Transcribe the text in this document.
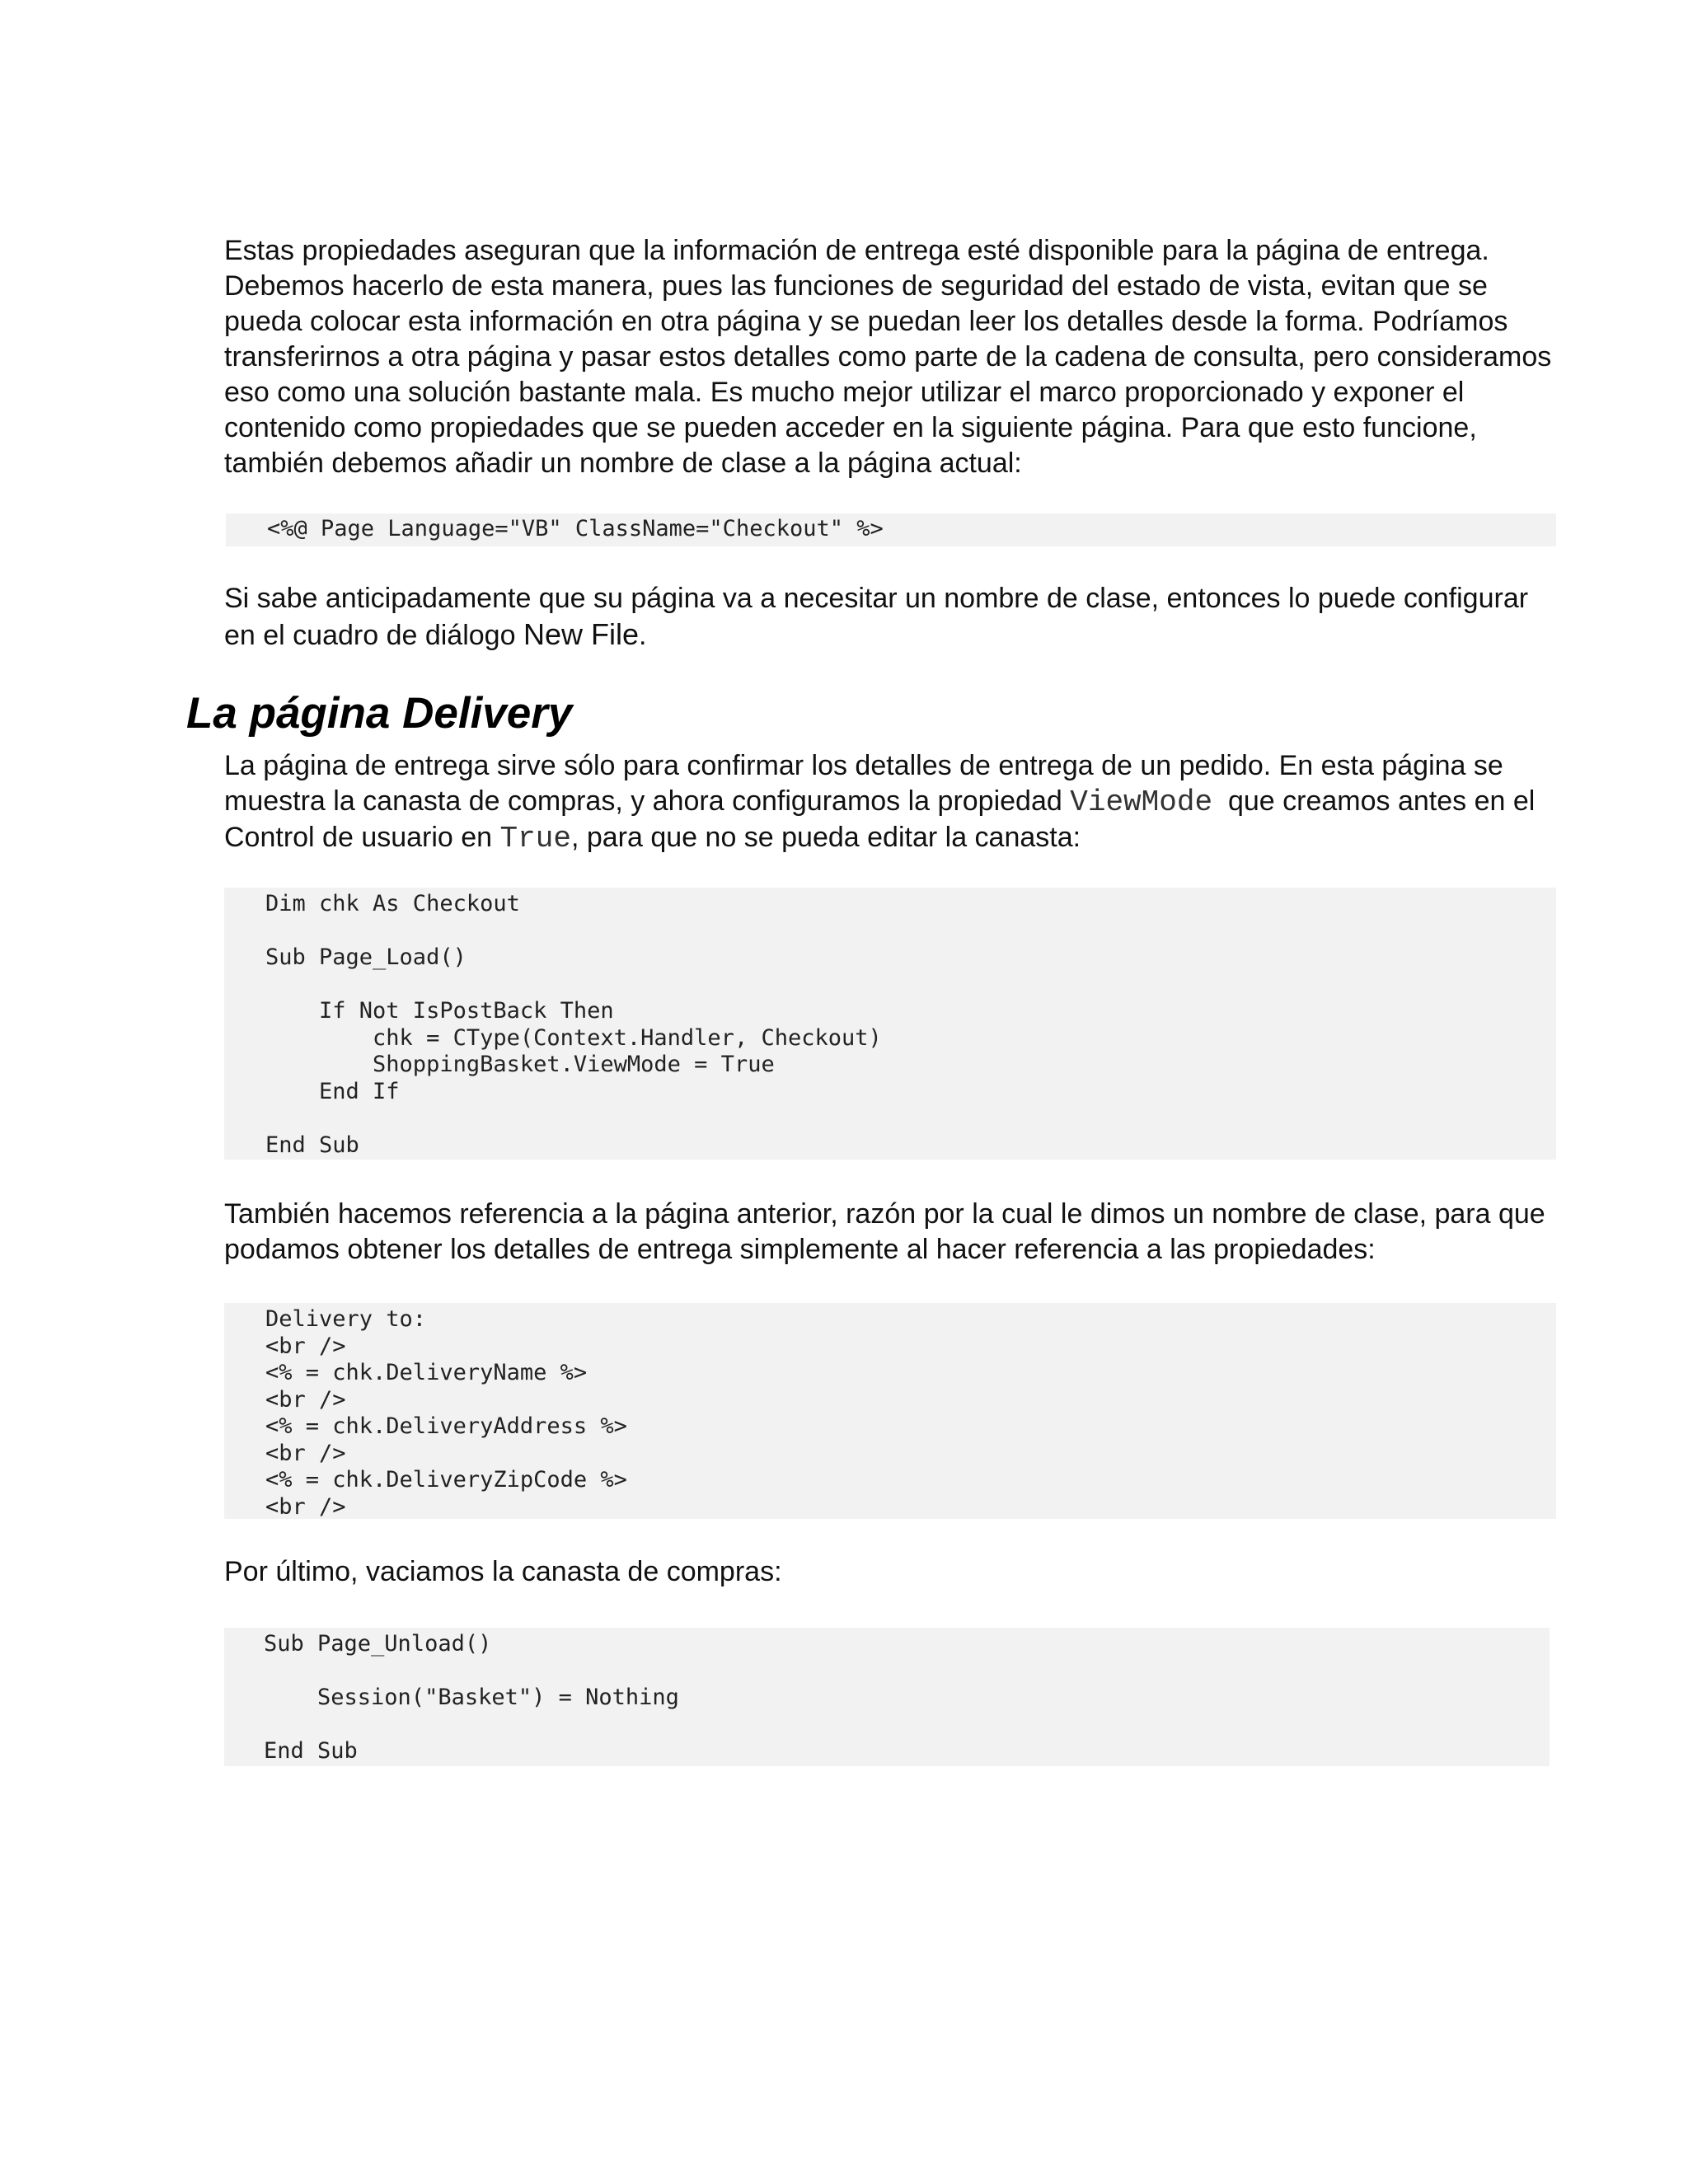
Estas propiedades aseguran que la información de entrega esté disponible para la página de entrega. Debemos hacerlo de esta manera, pues las funciones de seguridad del estado de vista, evitan que se pueda colocar esta información en otra página y se puedan leer los detalles desde la forma. Podríamos transferirnos a otra página y pasar estos detalles como parte de la cadena de consulta, pero consideramos eso como una solución bastante mala. Es mucho mejor utilizar el marco proporcionado y exponer el contenido como propiedades que se pueden acceder en la siguiente página. Para que esto funcione, también debemos añadir un nombre de clase a la página actual:

<%@ Page Language="VB" ClassName="Checkout" %>

Si sabe anticipadamente que su página va a necesitar un nombre de clase, entonces lo puede configurar en el cuadro de diálogo New File.

La página Delivery

La página de entrega sirve sólo para confirmar los detalles de entrega de un pedido. En esta página se muestra la canasta de compras, y ahora configuramos la propiedad ViewMode  que creamos antes en el Control de usuario en True, para que no se pueda editar la canasta:

Dim chk As Checkout

Sub Page_Load()

If Not IsPostBack Then
chk = CType(Context.Handler, Checkout)
ShoppingBasket.ViewMode = True
End If

End Sub

También hacemos referencia a la página anterior, razón por la cual le dimos un nombre de clase, para que podamos obtener los detalles de entrega simplemente al hacer referencia a las propiedades:

Delivery to:
<br />
<% = chk.DeliveryName %>
<br />
<% = chk.DeliveryAddress %>
<br />
<% = chk.DeliveryZipCode %>
<br />

Por último, vaciamos la canasta de compras:

Sub Page_Unload()

Session("Basket") = Nothing

End Sub
